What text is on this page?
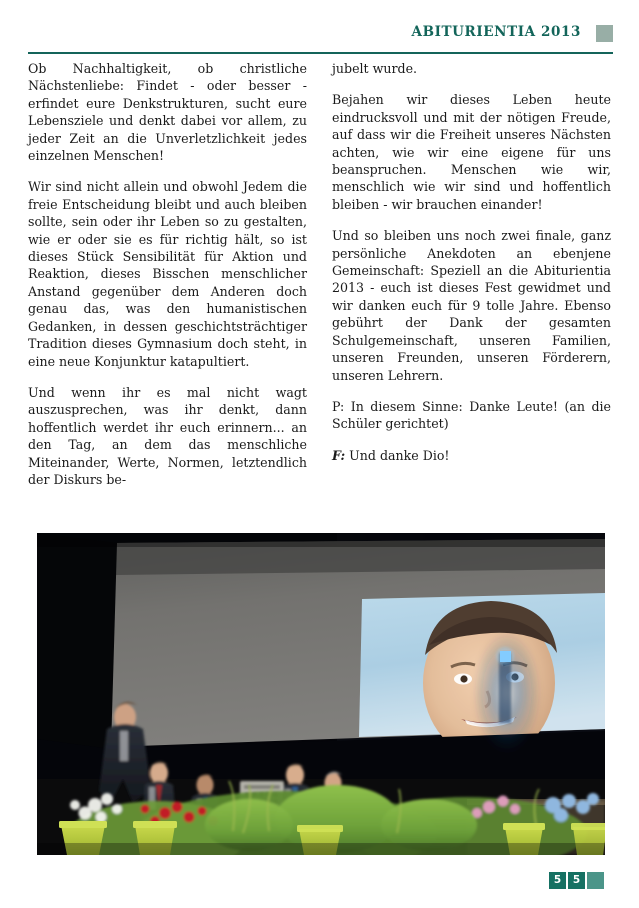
ABITURIENTIA 2013

Ob Nachhaltigkeit, ob christliche Nächstenliebe: Findet - oder besser - erfindet eure Denkstrukturen, sucht eure Lebensziele und denkt dabei vor allem, zu jeder Zeit an die Unverletzlichkeit jedes einzelnen Menschen!

Wir sind nicht allein und obwohl Jedem die freie Entscheidung bleibt und auch bleiben sollte, sein oder ihr Leben so zu gestalten, wie er oder sie es für richtig hält, so ist dieses Stück Sensibilität für Aktion und Reaktion, dieses Bisschen menschlicher Anstand gegenüber dem Anderen doch genau das, was den humanistischen Gedanken, in dessen geschichtsträchtiger Tradition dieses Gymnasium doch steht, in eine neue Konjunktur katapultiert.

Und wenn ihr es mal nicht wagt auszusprechen, was ihr denkt, dann hoffentlich werdet ihr euch erinnern... an den Tag, an dem das menschliche Miteinander, Werte, Normen, letztendlich der Diskurs be-

jubelt wurde.

Bejahen wir dieses Leben heute eindrucksvoll und mit der nötigen Freude, auf dass wir die Freiheit unseres Nächsten achten, wie wir eine eigene für uns beanspruchen. Menschen wie wir, menschlich wie wir sind und hoffentlich bleiben - wir brauchen einander!

Und so bleiben uns noch zwei finale, ganz persönliche Anekdoten an ebenjene Gemeinschaft: Speziell an die Abiturientia 2013 - euch ist dieses Fest gewidmet und wir danken euch für 9 tolle Jahre. Ebenso gebührt der Dank der gesamten Schulgemeinschaft, unseren Familien, unseren Freunden, unseren Förderern, unseren Lehrern.

P: In diesem Sinne: Danke Leute! (an die Schüler gerichtet)

F: Und danke Dio!

5	5
